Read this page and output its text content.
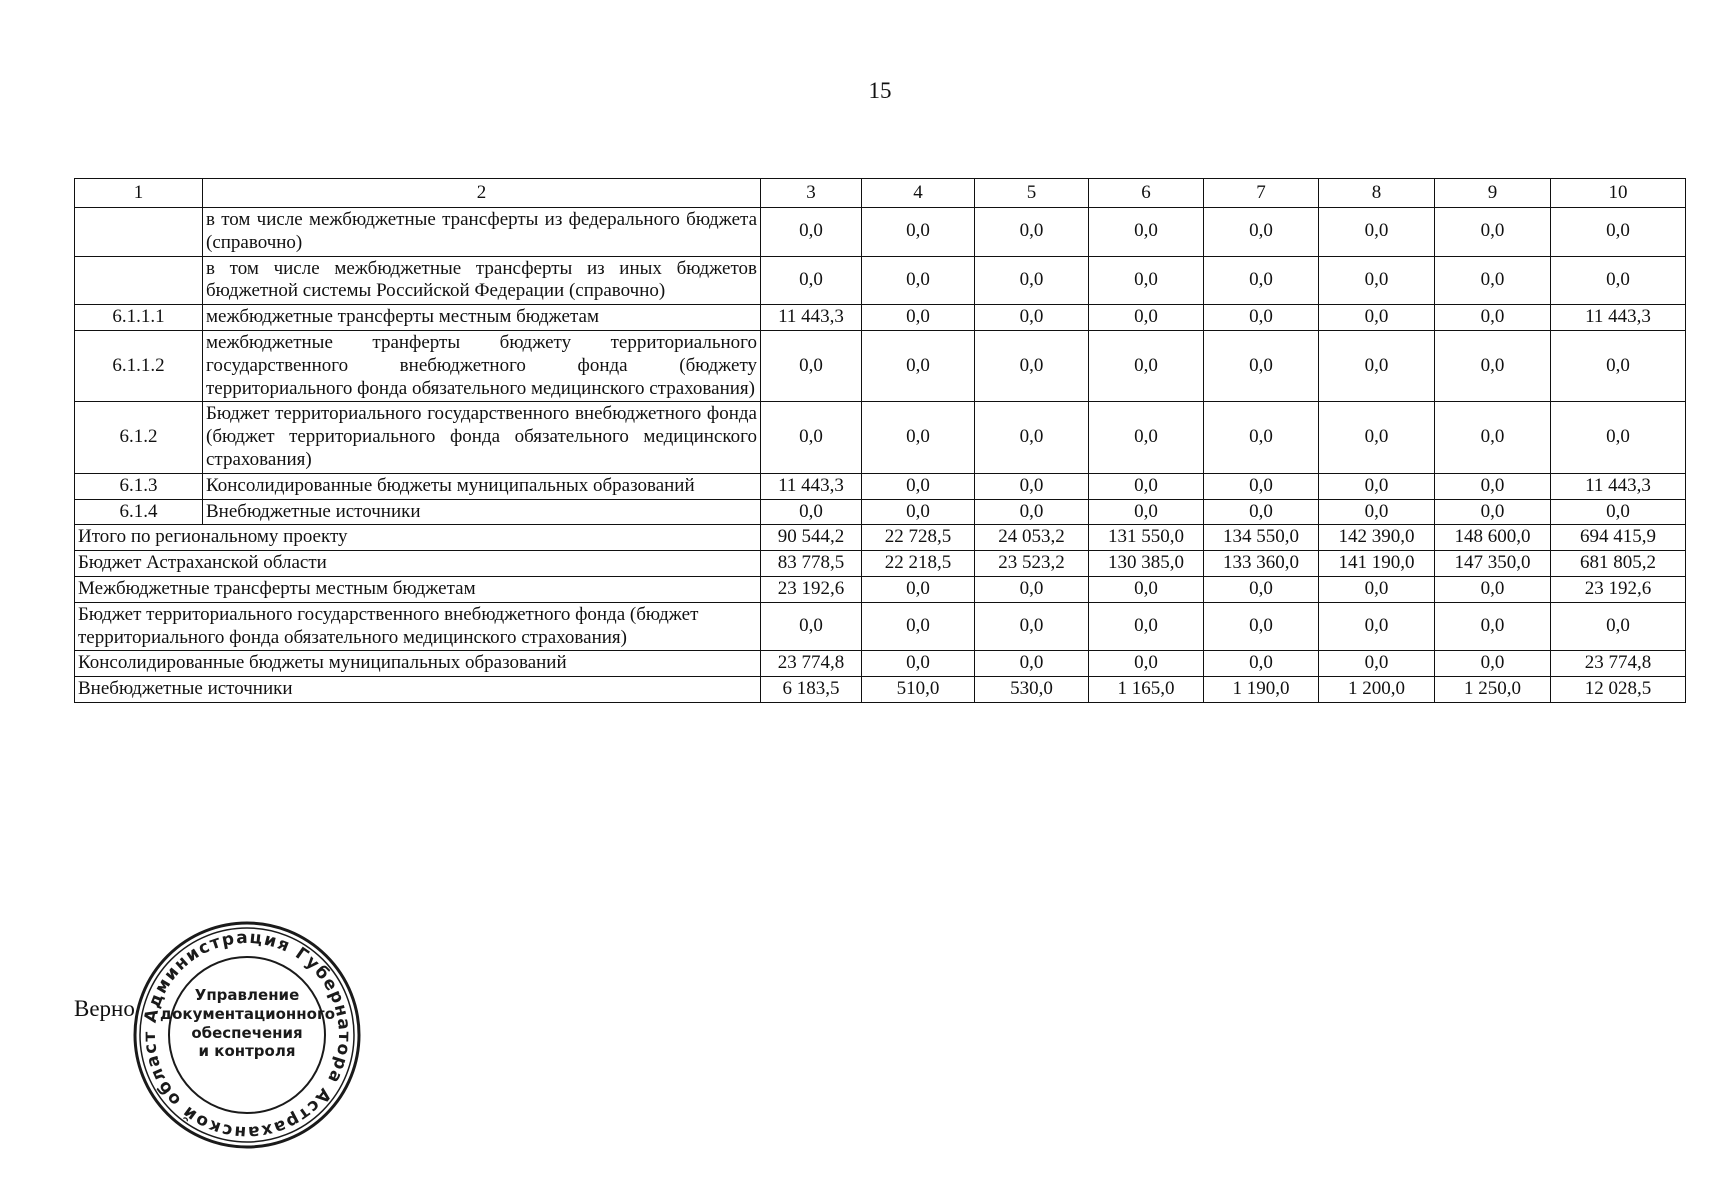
15
1	2	3	4	5	6	7	8	9	10
	в том числе межбюджетные трансферты из федерального бюджета (справочно)	0,0	0,0	0,0	0,0	0,0	0,0	0,0	0,0
	в том числе межбюджетные трансферты из иных бюджетов бюджетной системы Российской Федерации (справочно)	0,0	0,0	0,0	0,0	0,0	0,0	0,0	0,0
6.1.1.1	межбюджетные трансферты местным бюджетам	11 443,3	0,0	0,0	0,0	0,0	0,0	0,0	11 443,3
6.1.1.2	межбюджетные транферты бюджету территориального государственного внебюджетного фонда (бюджету территориального фонда обязательного медицинского страхования)	0,0	0,0	0,0	0,0	0,0	0,0	0,0	0,0
6.1.2	Бюджет территориального государственного внебюджетного фонда (бюджет территориального фонда обязательного медицинского страхования)	0,0	0,0	0,0	0,0	0,0	0,0	0,0	0,0
6.1.3	Консолидированные бюджеты муниципальных образований	11 443,3	0,0	0,0	0,0	0,0	0,0	0,0	11 443,3
6.1.4	Внебюджетные источники	0,0	0,0	0,0	0,0	0,0	0,0	0,0	0,0
Итого по региональному проекту		90 544,2	22 728,5	24 053,2	131 550,0	134 550,0	142 390,0	148 600,0	694 415,9
Бюджет Астраханской области		83 778,5	22 218,5	23 523,2	130 385,0	133 360,0	141 190,0	147 350,0	681 805,2
Межбюджетные трансферты местным бюджетам		23 192,6	0,0	0,0	0,0	0,0	0,0	0,0	23 192,6
Бюджет территориального государственного внебюджетного фонда (бюджет территориального фонда обязательного медицинского страхования)		0,0	0,0	0,0	0,0	0,0	0,0	0,0	0,0
Консолидированные бюджеты муниципальных образований		23 774,8	0,0	0,0	0,0	0,0	0,0	0,0	23 774,8
Внебюджетные источники		6 183,5	510,0	530,0	1 165,0	1 190,0	1 200,0	1 250,0	12 028,5
Верно Администрация Губернатора Астраханской област
Управление
документационного
обеспечения
и контроля
